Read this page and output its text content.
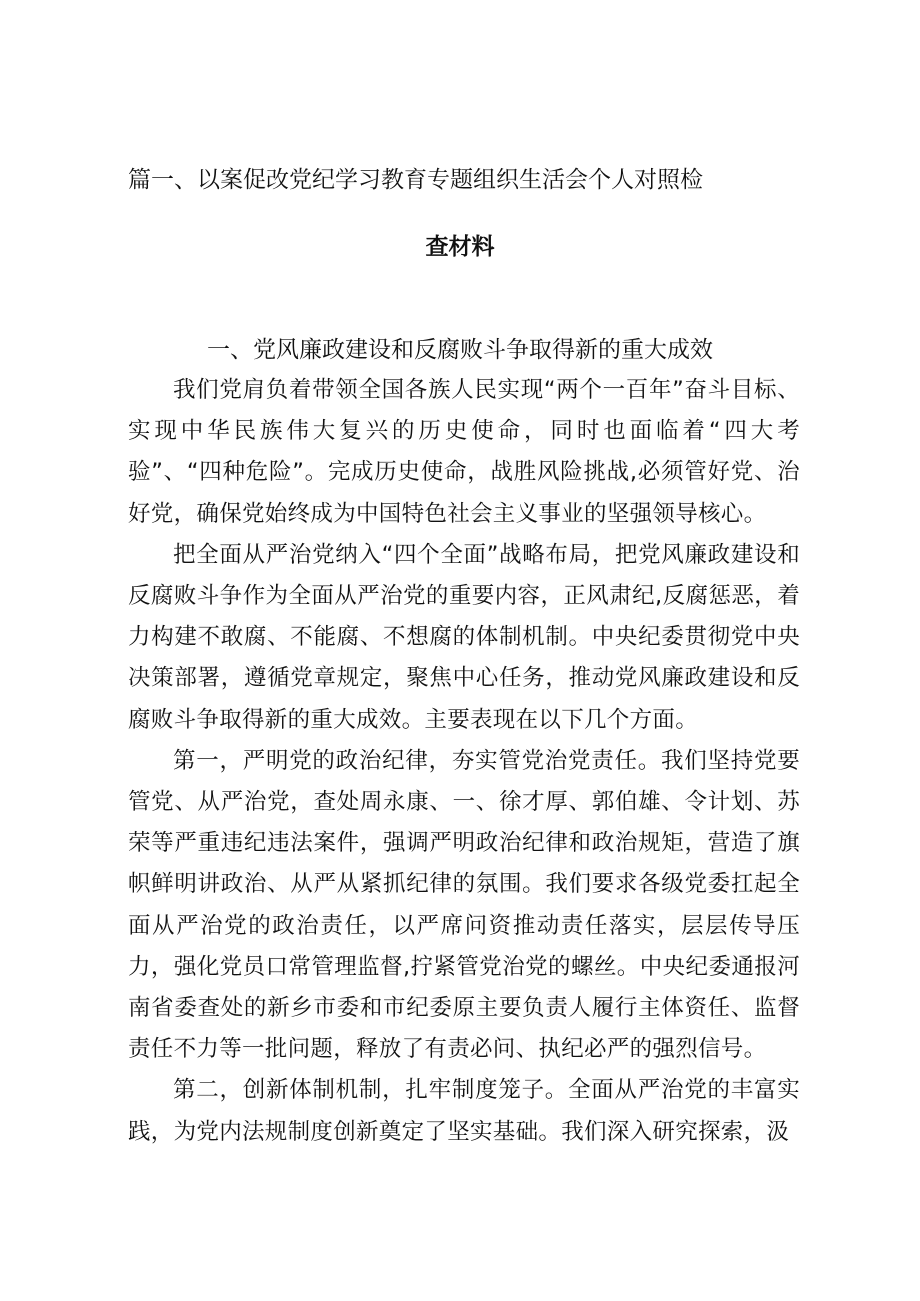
篇一、以案促改党纪学习教育专题组织生活会个人对照检
查材料
一、党风廉政建设和反腐败斗争取得新的重大成效

我们党肩负着带领全国各族人民实现“两个一百年”奋斗目标、实现中华民族伟大复兴的历史使命，同时也面临着“四大考验”、“四种危险”。完成历史使命，战胜风险挑战,必须管好党、治好党，确保党始终成为中国特色社会主义事业的坚强领导核心。

把全面从严治党纳入“四个全面”战略布局，把党风廉政建设和反腐败斗争作为全面从严治党的重要内容，正风肃纪,反腐惩恶，着力构建不敢腐、不能腐、不想腐的体制机制。中央纪委贯彻党中央决策部署，遵循党章规定，聚焦中心任务，推动党风廉政建设和反腐败斗争取得新的重大成效。主要表现在以下几个方面。

第一，严明党的政治纪律，夯实管党治党责任。我们坚持党要管党、从严治党，查处周永康、一、徐才厚、郭伯雄、令计划、苏荣等严重违纪违法案件，强调严明政治纪律和政治规矩，营造了旗帜鲜明讲政治、从严从紧抓纪律的氛围。我们要求各级党委扛起全面从严治党的政治责任，以严席问资推动责任落实，层层传导压力，强化党员口常管理监督,拧紧管党治党的螺丝。中央纪委通报河南省委查处的新乡市委和市纪委原主要负责人履行主体资任、监督责任不力等一批问题，释放了有责必问、执纪必严的强烈信号。

第二，创新体制机制，扎牢制度笼子。全面从严治党的丰富实践，为党内法规制度创新奠定了坚实基础。我们深入研究探索，汲
